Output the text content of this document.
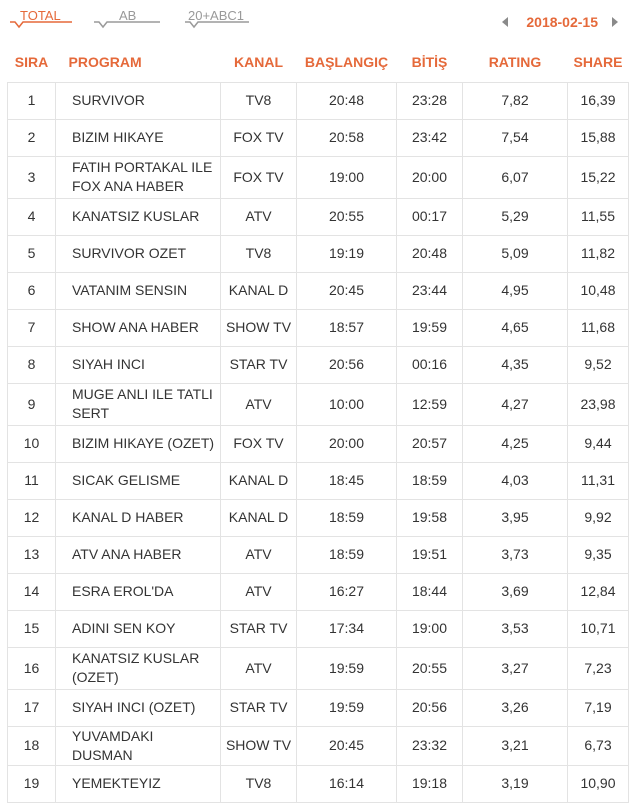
TOTAL	AB	20+ABC1	2018-02-15
SIRA	PROGRAM	KANAL	BAŞLANGIÇ	BİTİŞ	RATING	SHARE
1	SURVIVOR	TV8	20:48	23:28	7,82	16,39
2	BIZIM HIKAYE	FOX TV	20:58	23:42	7,54	15,88
3	FATIH PORTAKAL ILE FOX ANA HABER	FOX TV	19:00	20:00	6,07	15,22
4	KANATSIZ KUSLAR	ATV	20:55	00:17	5,29	11,55
5	SURVIVOR OZET	TV8	19:19	20:48	5,09	11,82
6	VATANIM SENSIN	KANAL D	20:45	23:44	4,95	10,48
7	SHOW ANA HABER	SHOW TV	18:57	19:59	4,65	11,68
8	SIYAH INCI	STAR TV	20:56	00:16	4,35	9,52
9	MUGE ANLI ILE TATLI SERT	ATV	10:00	12:59	4,27	23,98
10	BIZIM HIKAYE (OZET)	FOX TV	20:00	20:57	4,25	9,44
11	SICAK GELISME	KANAL D	18:45	18:59	4,03	11,31
12	KANAL D HABER	KANAL D	18:59	19:58	3,95	9,92
13	ATV ANA HABER	ATV	18:59	19:51	3,73	9,35
14	ESRA EROL'DA	ATV	16:27	18:44	3,69	12,84
15	ADINI SEN KOY	STAR TV	17:34	19:00	3,53	10,71
16	KANATSIZ KUSLAR (OZET)	ATV	19:59	20:55	3,27	7,23
17	SIYAH INCI (OZET)	STAR TV	19:59	20:56	3,26	7,19
18	YUVAMDAKI DUSMAN	SHOW TV	20:45	23:32	3,21	6,73
19	YEMEKTEYIZ	TV8	16:14	19:18	3,19	10,90
